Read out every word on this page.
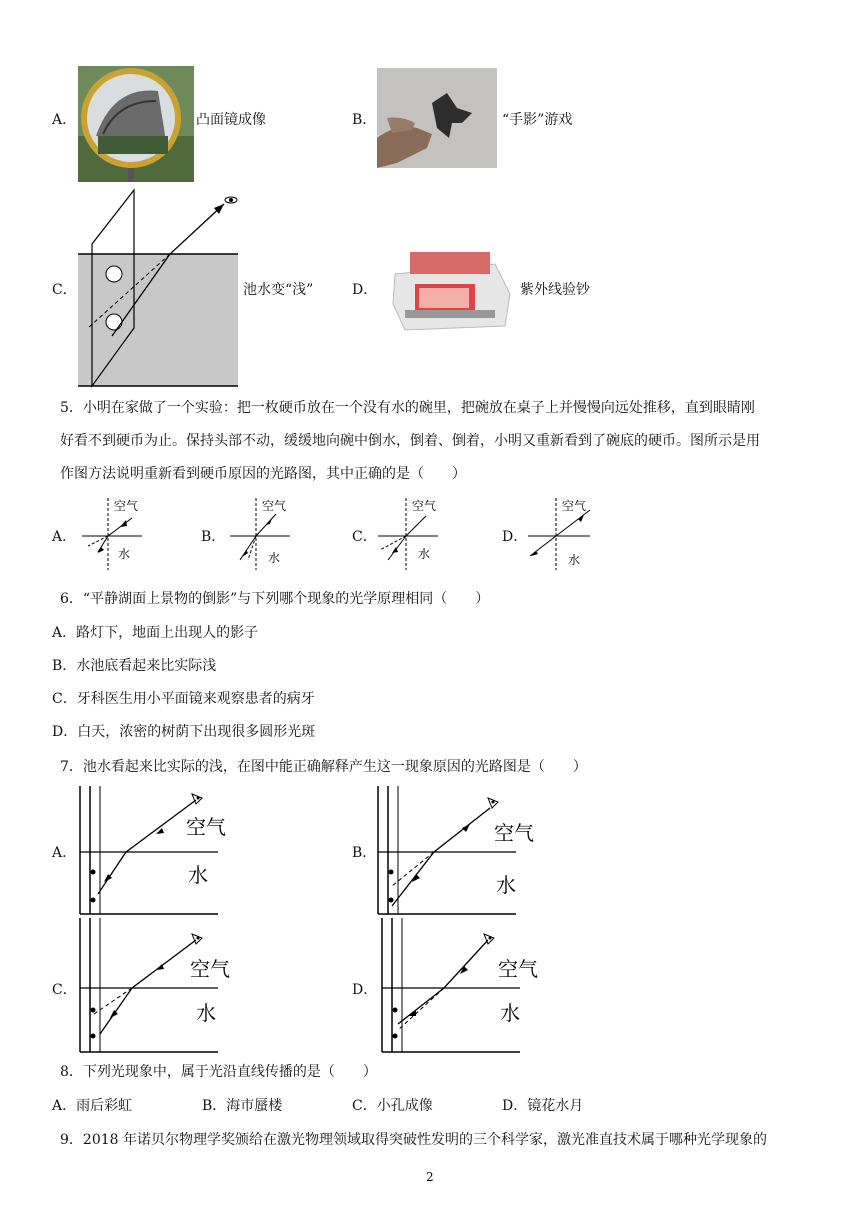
A．	凸面镜成像	B．	“手影”游戏
C．	池水变“浅”	D．	紫外线验钞
5．小明在家做了一个实验：把一枚硬币放在一个没有水的碗里，把碗放在桌子上并慢慢向远处推移，直到眼睛刚
好看不到硬币为止。保持头部不动，缓缓地向碗中倒水，倒着、倒着，小明又重新看到了碗底的硬币。图所示是用
作图方法说明重新看到硬币原因的光路图，其中正确的是（　　）
A．
空气
水
B．
空气
水
C．
空气
水
D．
空气
水
6．“平静湖面上景物的倒影”与下列哪个现象的光学原理相同（　　）
A．路灯下，地面上出现人的影子
B．水池底看起来比实际浅
C．牙科医生用小平面镜来观察患者的病牙
D．白天，浓密的树荫下出现很多圆形光斑
7．池水看起来比实际的浅，在图中能正确解释产生这一现象原因的光路图是（　　）
A．
空气
水
B．
空气
水
C．
空气
水
D．
空气
水
8．下列光现象中，属于光沿直线传播的是（　　）
A．雨后彩虹	B．海市蜃楼	C．小孔成像	D．镜花水月
9．2018 年诺贝尔物理学奖颁给在激光物理领域取得突破性发明的三个科学家，激光准直技术属于哪种光学现象的
2
